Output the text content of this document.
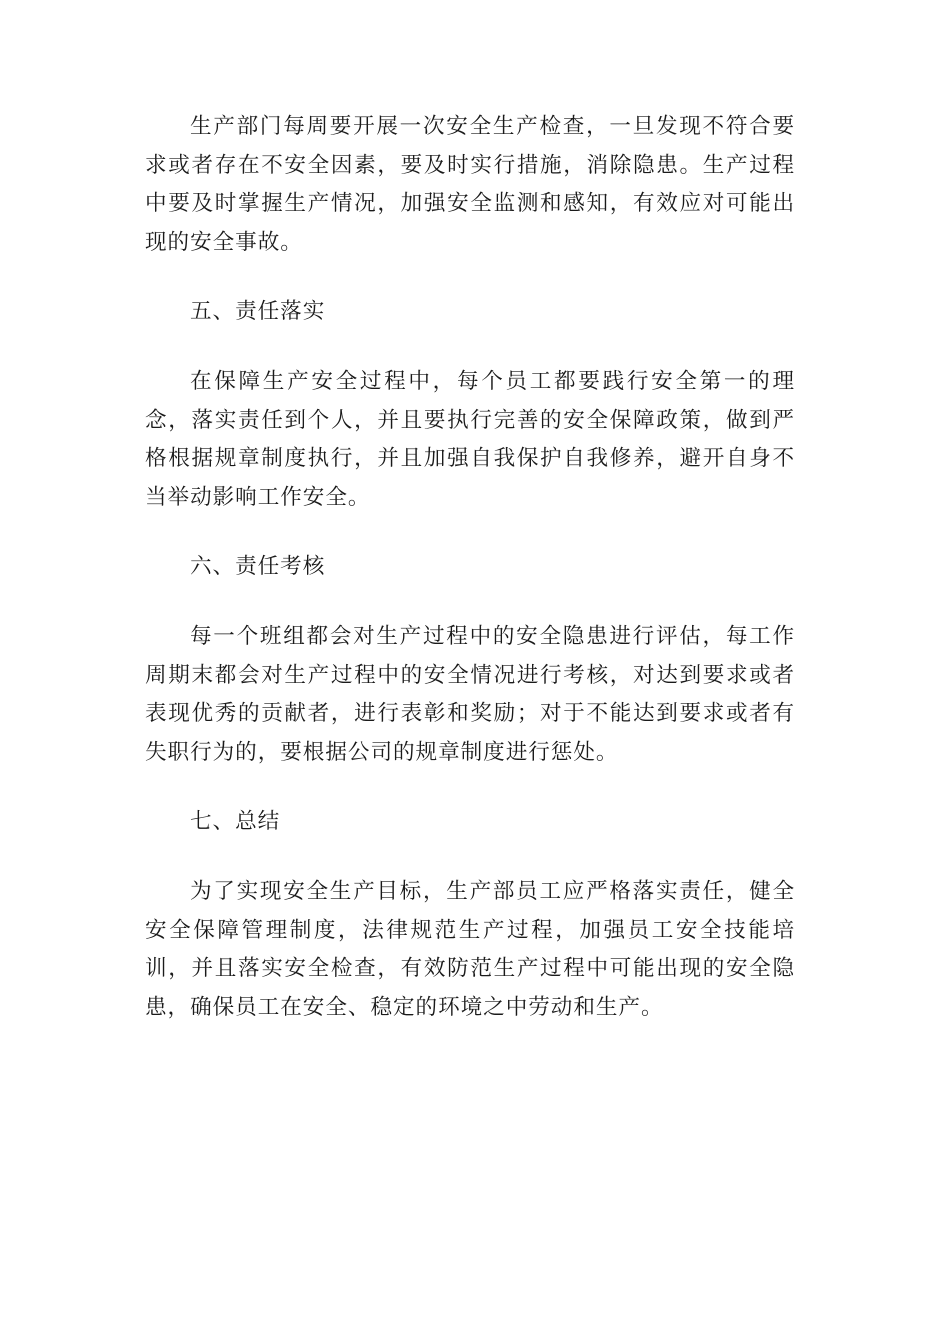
生产部门每周要开展一次安全生产检查，一旦发现不符合要求或者存在不安全因素，要及时实行措施，消除隐患。生产过程中要及时掌握生产情况，加强安全监测和感知，有效应对可能出现的安全事故。

五、责任落实

在保障生产安全过程中，每个员工都要践行安全第一的理念，落实责任到个人，并且要执行完善的安全保障政策，做到严格根据规章制度执行，并且加强自我保护自我修养，避开自身不当举动影响工作安全。

六、责任考核

每一个班组都会对生产过程中的安全隐患进行评估，每工作周期末都会对生产过程中的安全情况进行考核，对达到要求或者表现优秀的贡献者，进行表彰和奖励；对于不能达到要求或者有失职行为的，要根据公司的规章制度进行惩处。

七、总结

为了实现安全生产目标，生产部员工应严格落实责任，健全安全保障管理制度，法律规范生产过程，加强员工安全技能培训，并且落实安全检查，有效防范生产过程中可能出现的安全隐患，确保员工在安全、稳定的环境之中劳动和生产。
